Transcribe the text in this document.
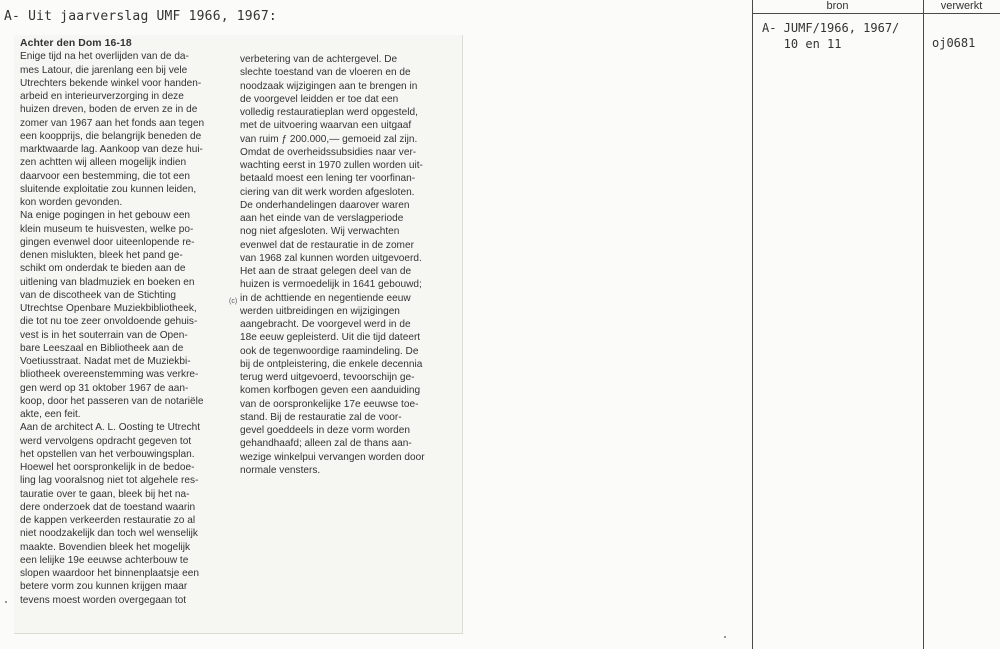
A- Uit jaarverslag UMF 1966, 1967:

Achter den Dom 16-18

Enige tijd na het overlijden van de da-
mes Latour, die jarenlang een bij vele
Utrechters bekende winkel voor handen-
arbeid en interieurverzorging in deze
huizen dreven, boden de erven ze in de
zomer van 1967 aan het fonds aan tegen
een koopprijs, die belangrijk beneden de
marktwaarde lag. Aankoop van deze hui-
zen achtten wij alleen mogelijk indien
daarvoor een bestemming, die tot een
sluitende exploitatie zou kunnen leiden,
kon worden gevonden.

Na enige pogingen in het gebouw een
klein museum te huisvesten, welke po-
gingen evenwel door uiteenlopende re-
denen mislukten, bleek het pand ge-
schikt om onderdak te bieden aan de
uitlening van bladmuziek en boeken en
van de discotheek van de Stichting
Utrechtse Openbare Muziekbibliotheek,
die tot nu toe zeer onvoldoende gehuis-
vest is in het souterrain van de Open-
bare Leeszaal en Bibliotheek aan de
Voetiusstraat. Nadat met de Muziekbi-
bliotheek overeenstemming was verkre-
gen werd op 31 oktober 1967 de aan-
koop, door het passeren van de notariële
akte, een feit.

Aan de architect A. L. Oosting te Utrecht
werd vervolgens opdracht gegeven tot
het opstellen van het verbouwingsplan.
Hoewel het oorspronkelijk in de bedoe-
ling lag vooralsnog niet tot algehele res-
tauratie over te gaan, bleek bij het na-
dere onderzoek dat de toestand waarin
de kappen verkeerden restauratie zo al
niet noodzakelijk dan toch wel wenselijk
maakte. Bovendien bleek het mogelijk
een lelijke 19e eeuwse achterbouw te
slopen waardoor het binnenplaatsje een
betere vorm zou kunnen krijgen maar
tevens moest worden overgegaan tot

verbetering van de achtergevel. De
slechte toestand van de vloeren en de
noodzaak wijzigingen aan te brengen in
de voorgevel leidden er toe dat een
volledig restauratieplan werd opgesteld,
met de uitvoering waarvan een uitgaaf
van ruim ƒ 200.000,— gemoeid zal zijn.
Omdat de overheidssubsidies naar ver-
wachting eerst in 1970 zullen worden uit-
betaald moest een lening ter voorfinan-
ciering van dit werk worden afgesloten.
De onderhandelingen daarover waren
aan het einde van de verslagperiode
nog niet afgesloten. Wij verwachten
evenwel dat de restauratie in de zomer
van 1968 zal kunnen worden uitgevoerd.
Het aan de straat gelegen deel van de
huizen is vermoedelijk in 1641 gebouwd;
in de achttiende en negentiende eeuw
werden uitbreidingen en wijzigingen
aangebracht. De voorgevel werd in de
18e eeuw gepleisterd. Uit die tijd dateert
ook de tegenwoordige raamindeling. De
bij de ontpleistering, die enkele decennia
terug werd uitgevoerd, tevoorschijn ge-
komen korfbogen geven een aanduiding
van de oorspronkelijke 17e eeuwse toe-
stand. Bij de restauratie zal de voor-
gevel goeddeels in deze vorm worden
gehandhaafd; alleen zal de thans aan-
wezige winkelpui vervangen worden door
normale vensters.

(c)
bron	verwerkt
A- JUMF/1966, 1967/
10 en 11	oj0681
